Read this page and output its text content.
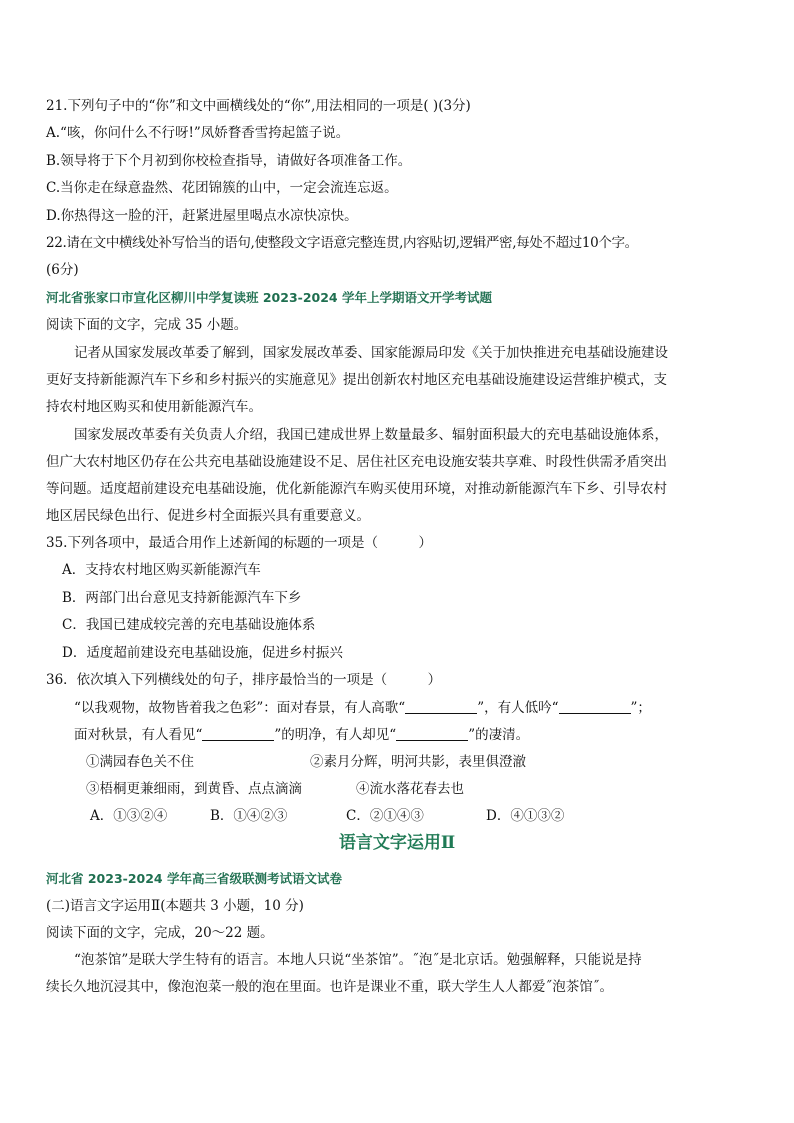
21.下列句子中的“你”和文中画横线处的“你”,用法相同的一项是( )(3分)
A.“咳，你问什么不行呀!”凤娇瞀香雪挎起篮子说。
B.领导将于下个月初到你校检查指导，请做好各项准备工作。
C.当你走在绿意盎然、花团锦簇的山中，一定会流连忘返。
D.你热得这一脸的汗，赶紧进屋里喝点水凉快凉快。
22.请在文中横线处补写恰当的语句,使整段文字语意完整连贯,内容贴切,逻辑严密,每处不超过10个字。
(6分)
河北省张家口市宣化区柳川中学复读班 2023-2024 学年上学期语文开学考试题
阅读下面的文字，完成 35 小题。
记者从国家发展改革委了解到，国家发展改革委、国家能源局印发《关于加快推进充电基础设施建设
更好支持新能源汽车下乡和乡村振兴的实施意见》提出创新农村地区充电基础设施建设运营维护模式，支
持农村地区购买和使用新能源汽车。
国家发展改革委有关负责人介绍，我国已建成世界上数量最多、辐射面积最大的充电基础设施体系，
但广大农村地区仍存在公共充电基础设施建设不足、居住社区充电设施安装共享难、时段性供需矛盾突出
等问题。适度超前建设充电基础设施，优化新能源汽车购买使用环境，对推动新能源汽车下乡、引导农村
地区居民绿色出行、促进乡村全面振兴具有重要意义。
35.下列各项中，最适合用作上述新闻的标题的一项是（　　　）
A．支持农村地区购买新能源汽车
B．两部门出台意见支持新能源汽车下乡
C．我国已建成较完善的充电基础设施体系
D．适度超前建设充电基础设施，促进乡村振兴
36．依次填入下列横线处的句子，排序最恰当的一项是（　　　）
“以我观物，故物皆着我之色彩”：面对春景，有人高歌“	”，有人低吟“	”；
面对秋景，有人看见“	”的明净，有人却见“	”的凄清。
①满园春色关不住	②素月分辉，明河共影，表里俱澄澈
③梧桐更兼细雨，到黄昏、点点滴滴	④流水落花春去也
A．①③②④	B．①④②③	C．②①④③	D．④①③②
语言文字运用Ⅱ
河北省 2023-2024 学年高三省级联测考试语文试卷
(二)语言文字运用Ⅱ(本题共 3 小题，10 分)
阅读下面的文字，完成，20～22 题。
“泡茶馆”是联大学生特有的语言。本地人只说“坐茶馆”。˝泡˝是北京话。勉强解释，只能说是持
续长久地沉浸其中，像泡泡菜一般的泡在里面。也许是课业不重，联大学生人人都爱˝泡茶馆˝。
